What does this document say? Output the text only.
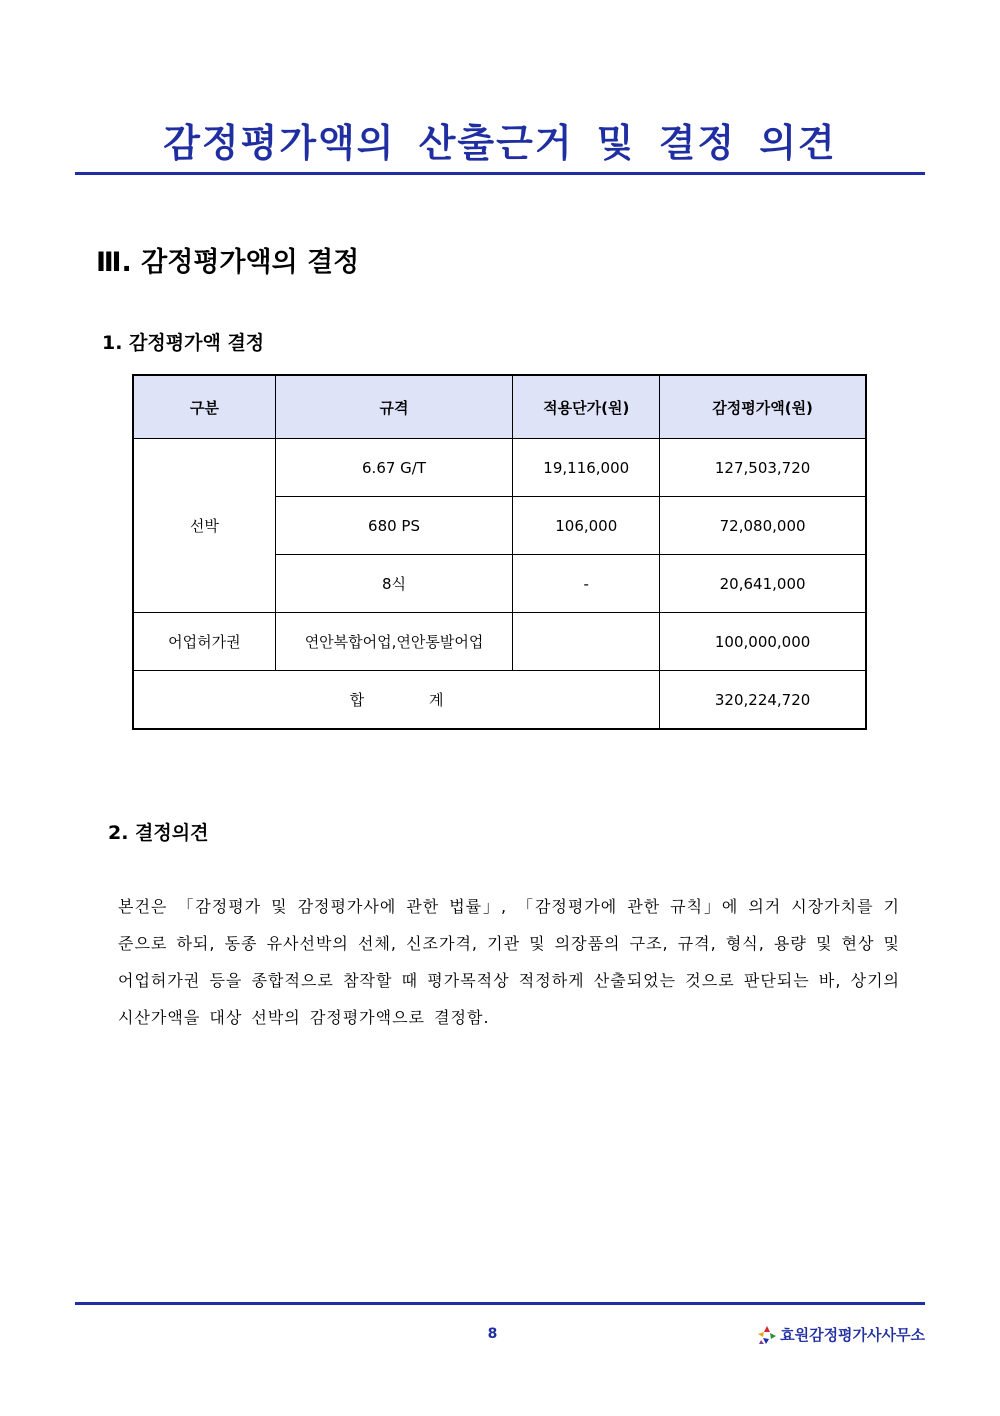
감정평가액의 산출근거 및 결정 의견
Ⅲ. 감정평가액의 결정
1. 감정평가액 결정
구분	규격	적용단가(원)	감정평가액(원)
선박	6.67 G/T	19,116,000	127,503,720
	680 PS	106,000	72,080,000
	8식	-	20,641,000
어업허가권	연안복합어업,연안통발어업		100,000,000
합 계			320,224,720
2. 결정의견
본건은 「감정평가 및 감정평가사에 관한 법률」, 「감정평가에 관한 규칙」에 의거 시장가치를 기준으로 하되, 동종 유사선박의 선체, 신조가격, 기관 및 의장품의 구조, 규격, 형식, 용량 및 현상 및 어업허가권 등을 종합적으로 참작할 때 평가목적상 적정하게 산출되었는 것으로 판단되는 바, 상기의 시산가액을 대상 선박의 감정평가액으로 결정함.
8	효원감정평가사사무소
